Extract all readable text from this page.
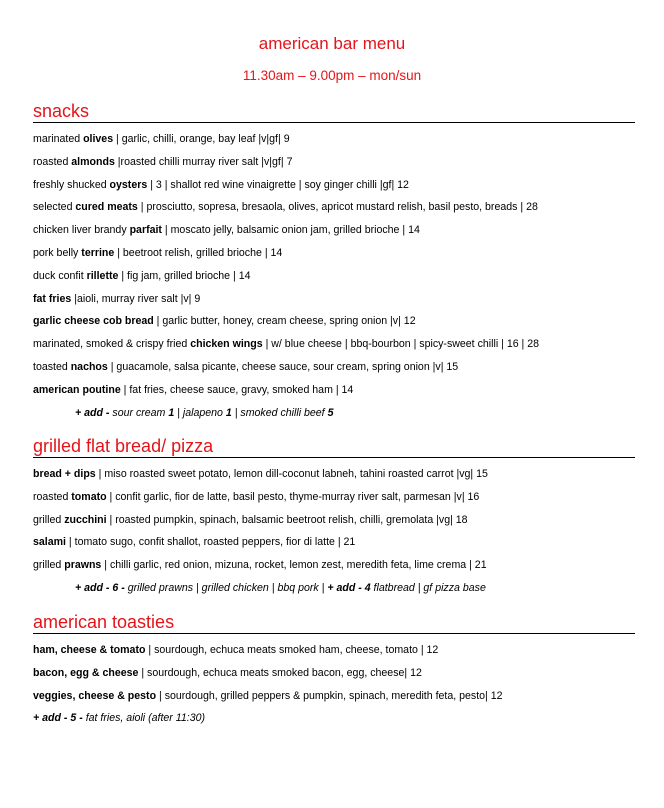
american bar menu
11.30am – 9.00pm – mon/sun
snacks
marinated olives | garlic, chilli, orange, bay leaf |v|gf| 9
roasted almonds |roasted chilli murray river salt |v|gf| 7
freshly shucked oysters | 3 | shallot red wine vinaigrette | soy ginger chilli |gf| 12
selected cured meats | prosciutto, sopresa, bresaola, olives, apricot mustard relish, basil pesto, breads | 28
chicken liver brandy parfait | moscato jelly, balsamic onion jam, grilled brioche | 14
pork belly terrine | beetroot relish, grilled brioche | 14
duck confit rillette | fig jam, grilled brioche | 14
fat fries |aioli, murray river salt |v| 9
garlic cheese cob bread | garlic butter, honey, cream cheese, spring onion |v| 12
marinated, smoked & crispy fried chicken wings | w/ blue cheese | bbq-bourbon | spicy-sweet chilli | 16 | 28
toasted nachos | guacamole, salsa picante, cheese sauce, sour cream, spring onion |v| 15
american poutine | fat fries, cheese sauce, gravy, smoked ham | 14
+ add - sour cream 1 | jalapeno 1 | smoked chilli beef 5
grilled flat bread/ pizza
bread + dips | miso roasted sweet potato, lemon dill-coconut labneh, tahini roasted carrot |vg| 15
roasted tomato | confit garlic, fior de latte, basil pesto, thyme-murray river salt, parmesan |v| 16
grilled zucchini | roasted pumpkin, spinach, balsamic beetroot relish, chilli, gremolata |vg| 18
salami | tomato sugo, confit shallot, roasted peppers, fior di latte | 21
grilled prawns | chilli garlic, red onion, mizuna, rocket, lemon zest, meredith feta, lime crema | 21
+ add - 6 - grilled prawns | grilled chicken | bbq pork | + add - 4 flatbread | gf pizza base
american toasties
ham, cheese & tomato | sourdough, echuca meats smoked ham, cheese, tomato | 12
bacon, egg & cheese | sourdough, echuca meats smoked bacon, egg, cheese| 12
veggies, cheese & pesto | sourdough, grilled peppers & pumpkin, spinach, meredith feta, pesto| 12
+ add - 5 - fat fries, aioli (after 11:30)
